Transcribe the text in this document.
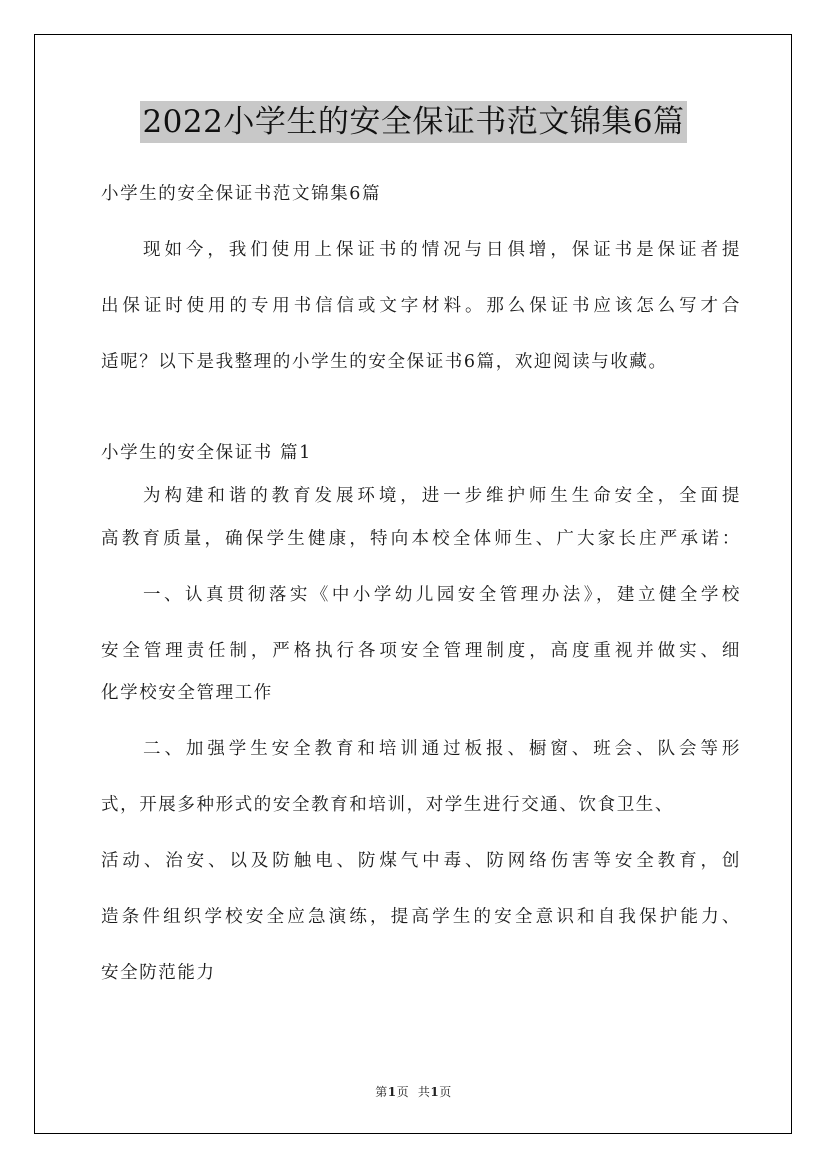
2022小学生的安全保证书范文锦集6篇
小学生的安全保证书范文锦集6篇
现如今，我们使用上保证书的情况与日俱增，保证书是保证者提
出保证时使用的专用书信信或文字材料。那么保证书应该怎么写才合
适呢？以下是我整理的小学生的安全保证书6篇，欢迎阅读与收藏。
小学生的安全保证书 篇1
为构建和谐的教育发展环境，进一步维护师生生命安全，全面提
高教育质量，确保学生健康，特向本校全体师生、广大家长庄严承诺：
一、认真贯彻落实《中小学幼儿园安全管理办法》，建立健全学校
安全管理责任制，严格执行各项安全管理制度，高度重视并做实、细
化学校安全管理工作
二、加强学生安全教育和培训通过板报、橱窗、班会、队会等形
式，开展多种形式的安全教育和培训，对学生进行交通、饮食卫生、
活动、治安、以及防触电、防煤气中毒、防网络伤害等安全教育，创
造条件组织学校安全应急演练，提高学生的安全意识和自我保护能力、
安全防范能力
第1页 共1页
